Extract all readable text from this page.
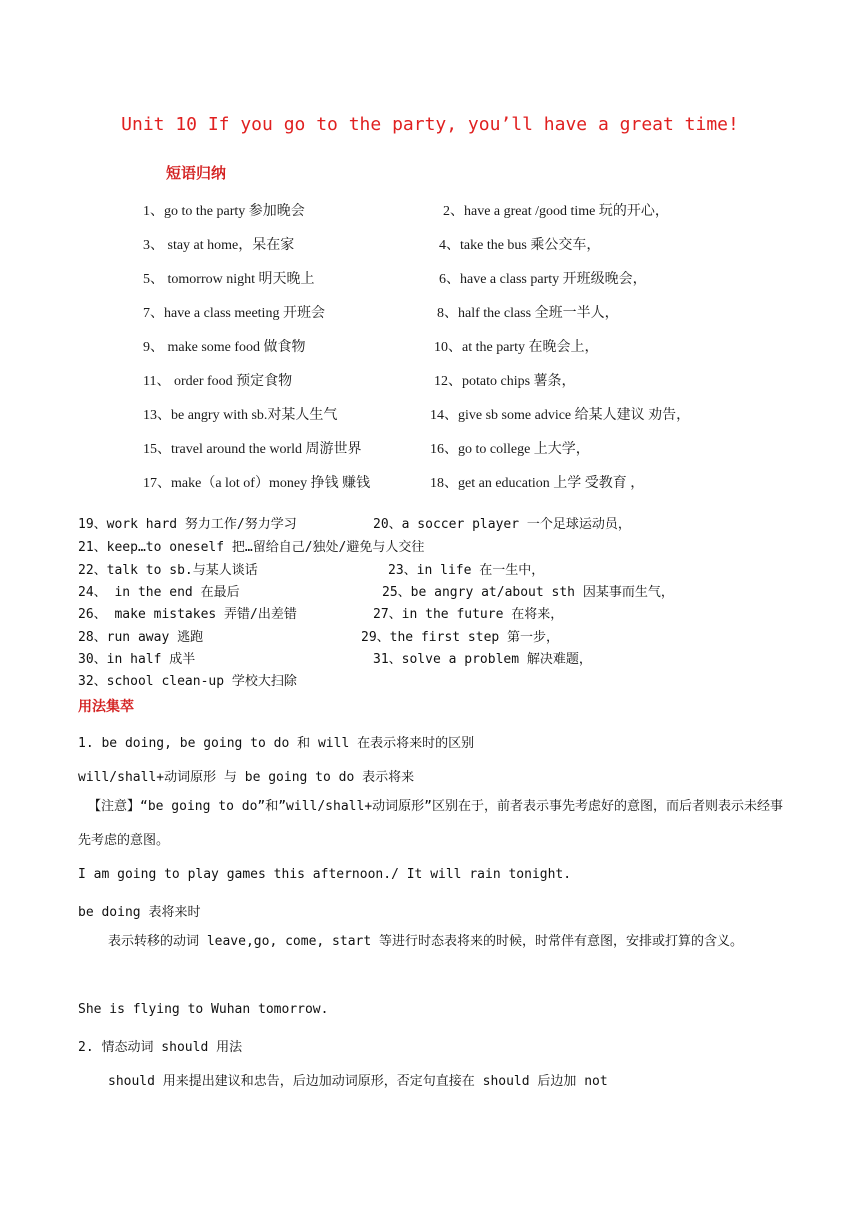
Unit 10 If you go to the party, you’ll have a great time!
短语归纳
1、go to the party 参加晚会	2、have a great /good time 玩的开心，
3、 stay at home，呆在家	4、take the bus 乘公交车，
5、 tomorrow night 明天晚上	6、have a class party 开班级晚会，
7、have a class meeting 开班会	8、half the class 全班一半人，
9、 make some food 做食物	10、at the party 在晚会上，
11、 order food 预定食物	12、potato chips 薯条，
13、be angry with sb.对某人生气	14、give sb some advice 给某人建议 劝告，
15、travel around the world 周游世界	16、go to college 上大学，
17、make（a lot of）money 挣钱 赚钱	18、get an education 上学 受教育 ，
19、work hard 努力工作/努力学习	20、a soccer player 一个足球运动员，
21、keep…to oneself 把…留给自己/独处/避免与人交往
22、talk to sb.与某人谈话	23、in life 在一生中，
24、 in the end 在最后	25、be angry at/about sth 因某事而生气，
26、 make mistakes 弄错/出差错	27、in the future 在将来，
28、run away 逃跑	29、the first step 第一步，
30、in half 成半	31、solve a problem 解决难题，
32、school clean-up 学校大扫除
用法集萃
1. be doing, be going to do 和 will 在表示将来时的区别
will/shall+动词原形 与 be going to do 表示将来
【注意】“be going to do”和”will/shall+动词原形”区别在于，前者表示事先考虑好的意图，而后者则表示未经事先考虑的意图。
I am going to play games this afternoon./ It will rain tonight.
be doing 表将来时
表示转移的动词 leave,go, come, start 等进行时态表将来的时候，时常伴有意图，安排或打算的含义。
She is flying to Wuhan tomorrow.
2. 情态动词 should 用法
should 用来提出建议和忠告，后边加动词原形，否定句直接在 should 后边加 not
